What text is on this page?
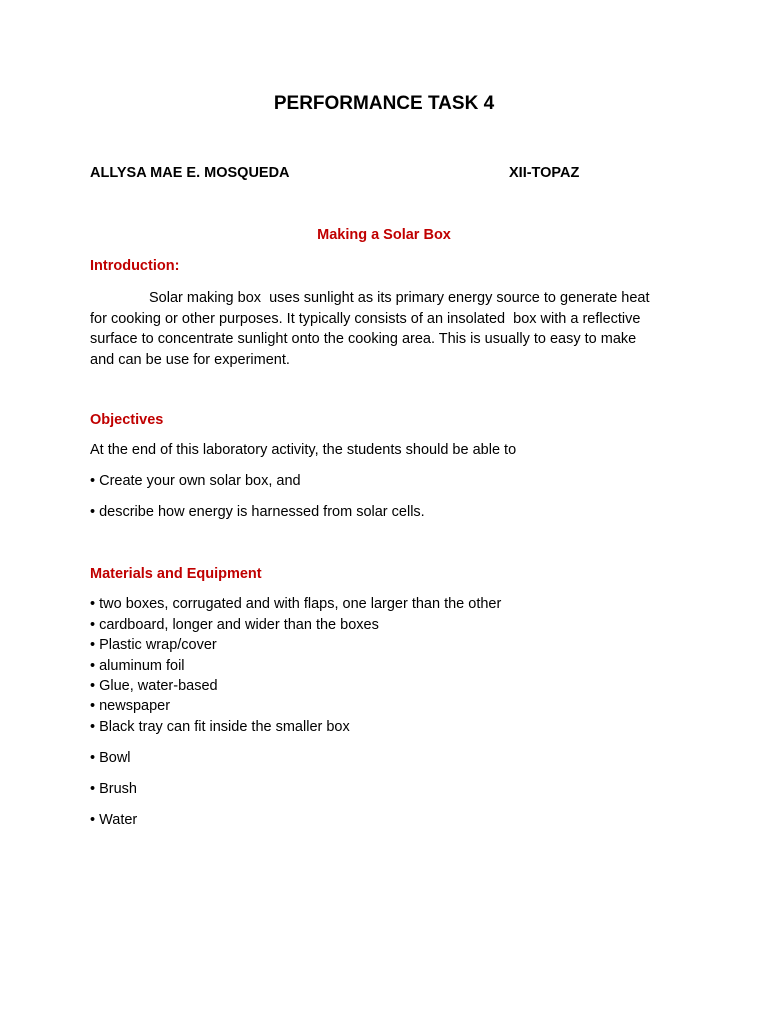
PERFORMANCE TASK 4
ALLYSA MAE E. MOSQUEDA	XII-TOPAZ
Making a Solar Box
Introduction:
Solar making box  uses sunlight as its primary energy source to generate heat
for cooking or other purposes. It typically consists of an insolated  box with a reflective
surface to concentrate sunlight onto the cooking area. This is usually to easy to make
and can be use for experiment.
Objectives
At the end of this laboratory activity, the students should be able to
• Create your own solar box, and
• describe how energy is harnessed from solar cells.
Materials and Equipment
• two boxes, corrugated and with flaps, one larger than the other
• cardboard, longer and wider than the boxes
• Plastic wrap/cover
• aluminum foil
• Glue, water-based
• newspaper
• Black tray can fit inside the smaller box
• Bowl
• Brush
• Water
